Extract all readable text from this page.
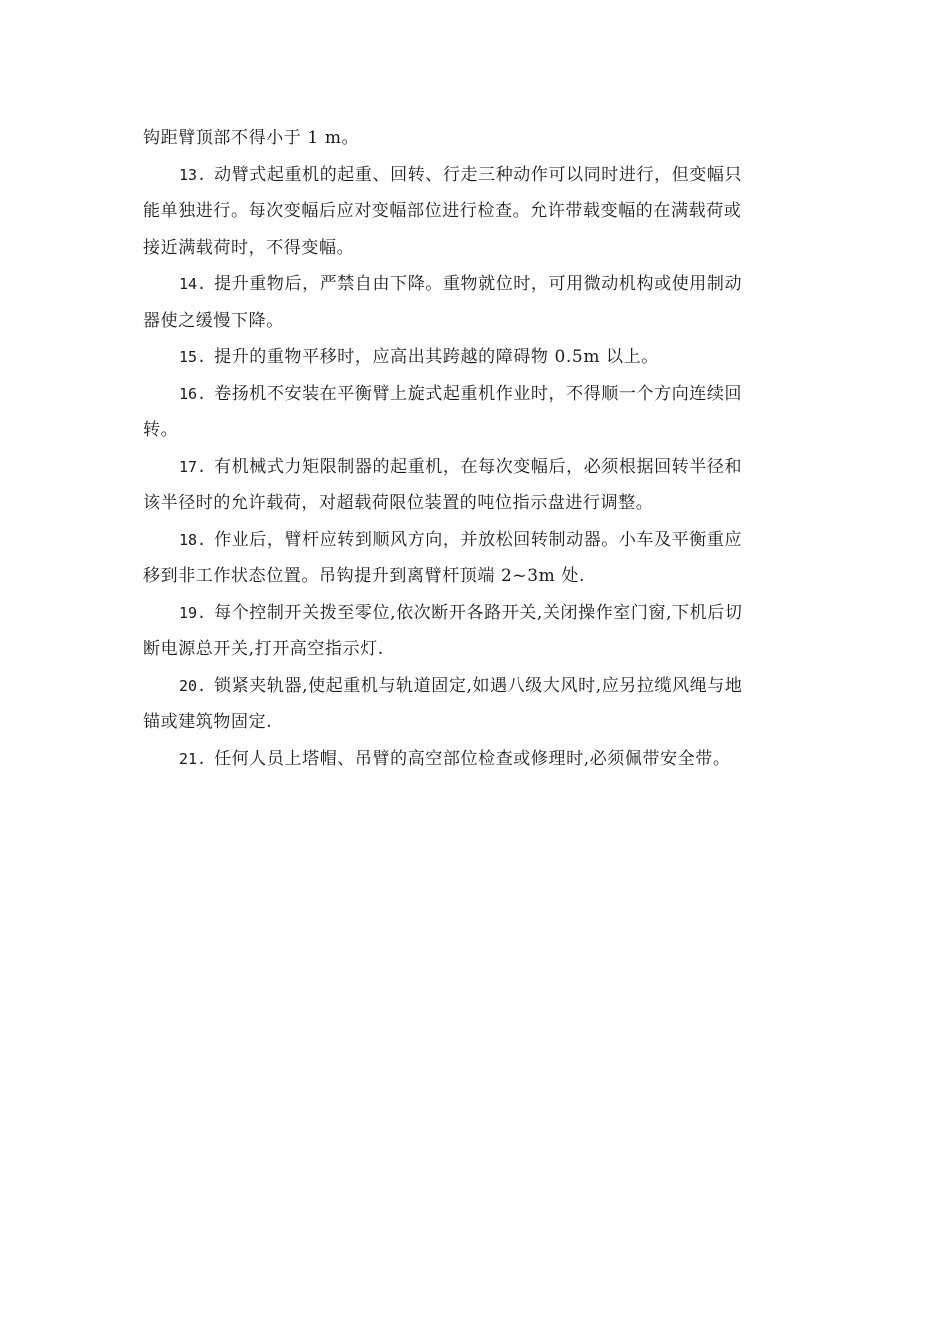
钩距臂顶部不得小于 1 m。
13. 动臂式起重机的起重、回转、行走三种动作可以同时进行，但变幅只
能单独进行。每次变幅后应对变幅部位进行检查。允许带载变幅的在满载荷或
接近满载荷时，不得变幅。
14. 提升重物后，严禁自由下降。重物就位时，可用微动机构或使用制动
器使之缓慢下降。
15. 提升的重物平移时，应高出其跨越的障碍物 0.5m 以上。
16. 卷扬机不安装在平衡臂上旋式起重机作业时，不得顺一个方向连续回
转。
17. 有机械式力矩限制器的起重机，在每次变幅后，必须根据回转半径和
该半径时的允许载荷，对超载荷限位装置的吨位指示盘进行调整。
18. 作业后，臂杆应转到顺风方向，并放松回转制动器。小车及平衡重应
移到非工作状态位置。吊钩提升到离臂杆顶端 2~3m 处.
19. 每个控制开关拨至零位,依次断开各路开关,关闭操作室门窗,下机后切
断电源总开关,打开高空指示灯.
20. 锁紧夹轨器,使起重机与轨道固定,如遇八级大风时,应另拉缆风绳与地
锚或建筑物固定.
21. 任何人员上塔帽、吊臂的高空部位检查或修理时,必须佩带安全带。
